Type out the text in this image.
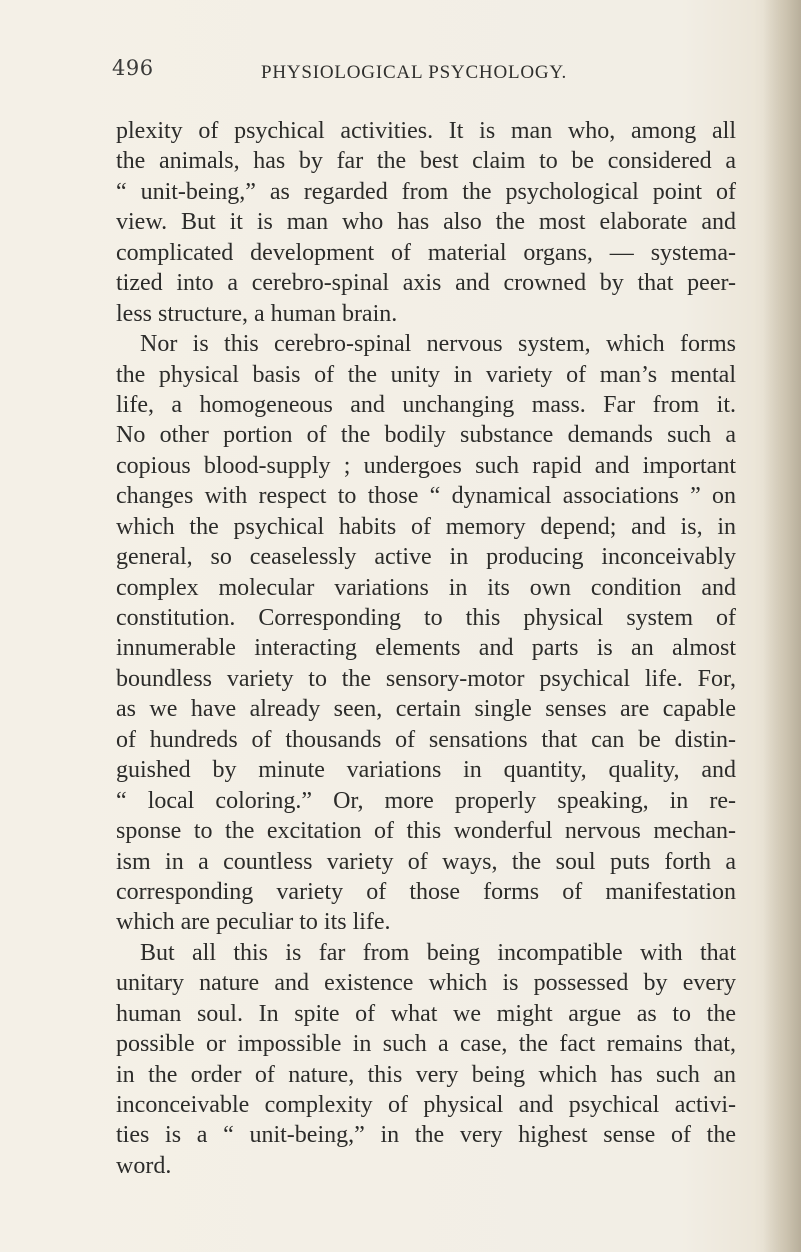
496	PHYSIOLOGICAL PSYCHOLOGY.
plexity of psychical activities. It is man who, among all
the animals, has by far the best claim to be considered a
“ unit-being,” as regarded from the psychological point of
view. But it is man who has also the most elaborate and
complicated development of material organs, — systema-
tized into a cerebro-spinal axis and crowned by that peer-
less structure, a human brain.
Nor is this cerebro-spinal nervous system, which forms
the physical basis of the unity in variety of man’s mental
life, a homogeneous and unchanging mass. Far from it.
No other portion of the bodily substance demands such a
copious blood-supply ; undergoes such rapid and important
changes with respect to those “ dynamical associations ” on
which the psychical habits of memory depend; and is, in
general, so ceaselessly active in producing inconceivably
complex molecular variations in its own condition and
constitution. Corresponding to this physical system of
innumerable interacting elements and parts is an almost
boundless variety to the sensory-motor psychical life. For,
as we have already seen, certain single senses are capable
of hundreds of thousands of sensations that can be distin-
guished by minute variations in quantity, quality, and
“ local coloring.” Or, more properly speaking, in re-
sponse to the excitation of this wonderful nervous mechan-
ism in a countless variety of ways, the soul puts forth a
corresponding variety of those forms of manifestation
which are peculiar to its life.
But all this is far from being incompatible with that
unitary nature and existence which is possessed by every
human soul. In spite of what we might argue as to the
possible or impossible in such a case, the fact remains that,
in the order of nature, this very being which has such an
inconceivable complexity of physical and psychical activi-
ties is a “ unit-being,” in the very highest sense of the
word.
